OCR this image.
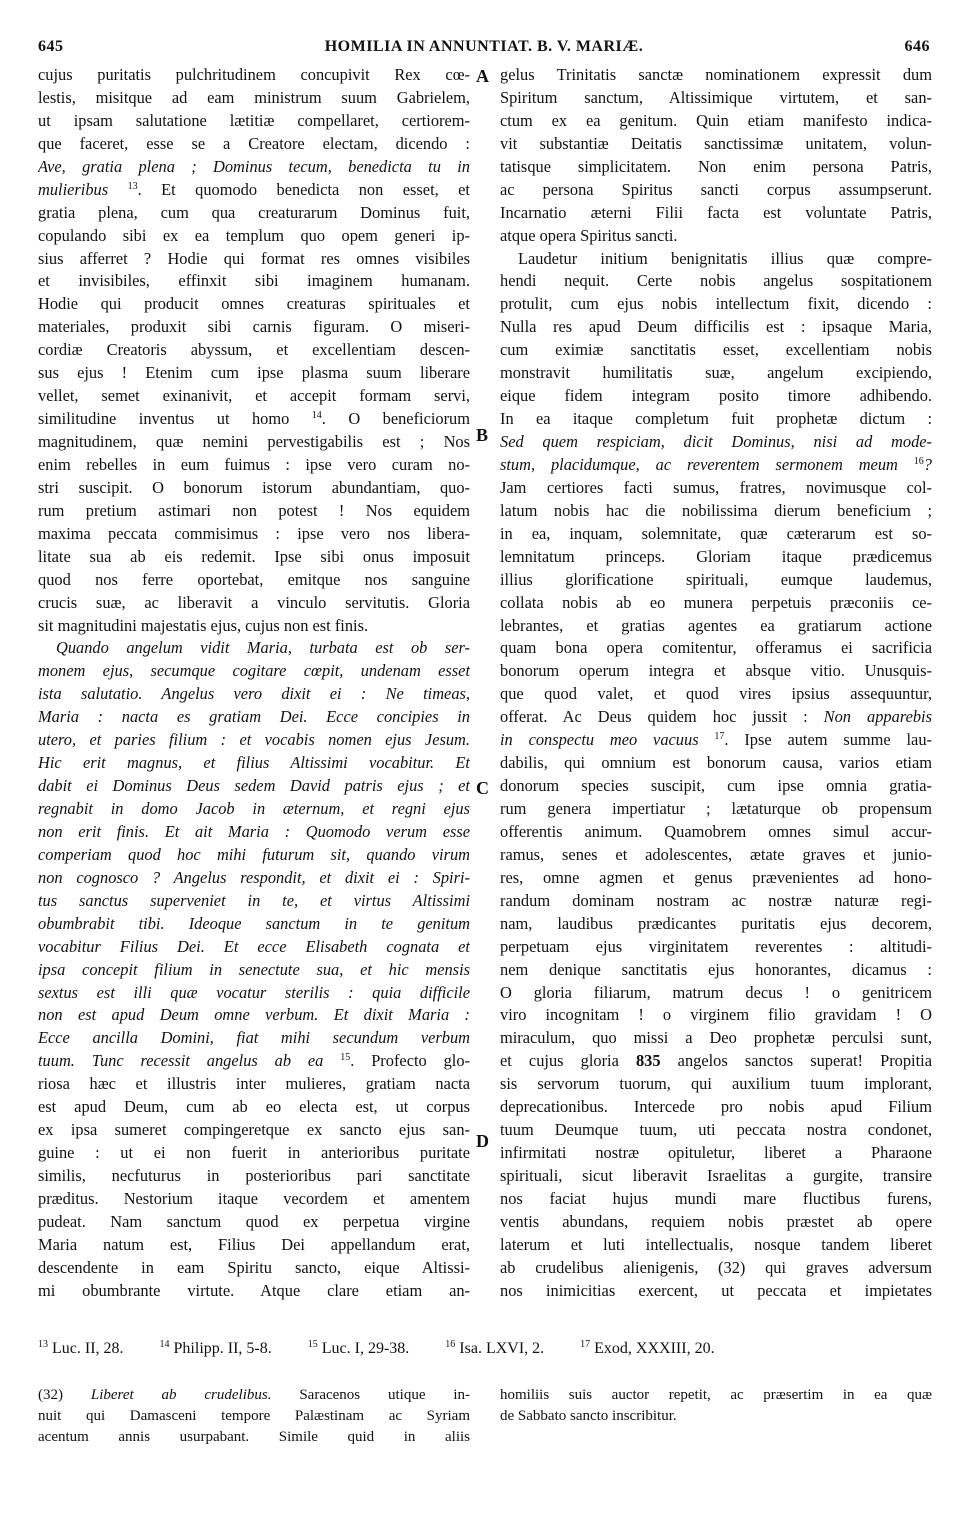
645	HOMILIA IN ANNUNTIAT. B. V. MARIÆ.	646
A
B
C
D
cujus puritatis pulchritudinem concupivit Rex cœ-
lestis, misitque ad eam ministrum suum Gabrielem,
ut ipsam salutatione lætitiæ compellaret, certiorem-
que faceret, esse se a Creatore electam, dicendo :
Ave, gratia plena ; Dominus tecum, benedicta tu in
mulieribus $^{13}$. Et quomodo benedicta non esset, et
gratia plena, cum qua creaturarum Dominus fuit,
copulando sibi ex ea templum quo opem generi ip-
sius afferret ? Hodie qui format res omnes visibiles
et invisibiles, effinxit sibi imaginem humanam.
Hodie qui producit omnes creaturas spirituales et
materiales, produxit sibi carnis figuram. O miseri-
cordiæ Creatoris abyssum, et excellentiam descen-
sus ejus ! Etenim cum ipse plasma suum liberare
vellet, semet exinanivit, et accepit formam servi,
similitudine inventus ut homo $^{14}$. O beneficiorum
magnitudinem, quæ nemini pervestigabilis est ; Nos
enim rebelles in eum fuimus : ipse vero curam no-
stri suscipit. O bonorum istorum abundantiam, quo-
rum pretium astimari non potest ! Nos equidem
maxima peccata commisimus : ipse vero nos libera-
litate sua ab eis redemit. Ipse sibi onus imposuit
quod nos ferre oportebat, emitque nos sanguine
crucis suæ, ac liberavit a vinculo servitutis. Gloria
sit magnitudini majestatis ejus, cujus non est finis.
Quando angelum vidit Maria, turbata est ob ser-
monem ejus, secumque cogitare cœpit, undenam esset
ista salutatio. Angelus vero dixit ei : Ne timeas,
Maria : nacta es gratiam Dei. Ecce concipies in
utero, et paries filium : et vocabis nomen ejus Jesum.
Hic erit magnus, et filius Altissimi vocabitur. Et
dabit ei Dominus Deus sedem David patris ejus ; et
regnabit in domo Jacob in æternum, et regni ejus
non erit finis. Et ait Maria : Quomodo verum esse
comperiam quod hoc mihi futurum sit, quando virum
non cognosco ? Angelus respondit, et dixit ei : Spiri-
tus sanctus superveniet in te, et virtus Altissimi
obumbrabit tibi. Ideoque sanctum in te genitum
vocabitur Filius Dei. Et ecce Elisabeth cognata et
ipsa concepit filium in senectute sua, et hic mensis
sextus est illi quæ vocatur sterilis : quia difficile
non est apud Deum omne verbum. Et dixit Maria :
Ecce ancilla Domini, fiat mihi secundum verbum
tuum. Tunc recessit angelus ab ea $^{15}$. Profecto glo-
riosa hæc et illustris inter mulieres, gratiam nacta
est apud Deum, cum ab eo electa est, ut corpus
ex ipsa sumeret compingeretque ex sancto ejus san-
guine : ut ei non fuerit in anterioribus puritate
similis, necfuturus in posterioribus pari sanctitate
præditus. Nestorium itaque vecordem et amentem
pudeat. Nam sanctum quod ex perpetua virgine
Maria natum est, Filius Dei appellandum erat,
descendente in eam Spiritu sancto, eique Altissi-
mi obumbrante virtute. Atque clare etiam an-
gelus Trinitatis sanctæ nominationem expressit dum
Spiritum sanctum, Altissimique virtutem, et san-
ctum ex ea genitum. Quin etiam manifesto indica-
vit substantiæ Deitatis sanctissimæ unitatem, volun-
tatisque simplicitatem. Non enim persona Patris,
ac persona Spiritus sancti corpus assumpserunt.
Incarnatio æterni Filii facta est voluntate Patris,
atque opera Spiritus sancti.
Laudetur initium benignitatis illius quæ compre-
hendi nequit. Certe nobis angelus sospitationem
protulit, cum ejus nobis intellectum fixit, dicendo :
Nulla res apud Deum difficilis est : ipsaque Maria,
cum eximiæ sanctitatis esset, excellentiam nobis
monstravit humilitatis suæ, angelum excipiendo,
eique fidem integram posito timore adhibendo.
In ea itaque completum fuit prophetæ dictum :
Sed quem respiciam, dicit Dominus, nisi ad mode-
stum, placidumque, ac reverentem sermonem meum $^{16}$?
Jam certiores facti sumus, fratres, novimusque col-
latum nobis hac die nobilissima dierum beneficium ;
in ea, inquam, solemnitate, quæ cæterarum est so-
lemnitatum princeps. Gloriam itaque prædicemus
illius glorificatione spirituali, eumque laudemus,
collata nobis ab eo munera perpetuis præconiis ce-
lebrantes, et gratias agentes ea gratiarum actione
quam bona opera comitentur, offeramus ei sacrificia
bonorum operum integra et absque vitio. Unusquis-
que quod valet, et quod vires ipsius assequuntur,
offerat. Ac Deus quidem hoc jussit : Non apparebis
in conspectu meo vacuus $^{17}$. Ipse autem summe lau-
dabilis, qui omnium est bonorum causa, varios etiam
donorum species suscipit, cum ipse omnia gratia-
rum genera impertiatur ; lætaturque ob propensum
offerentis animum. Quamobrem omnes simul accur-
ramus, senes et adolescentes, ætate graves et junio-
res, omne agmen et genus prævenientes ad hono-
randum dominam nostram ac nostræ naturæ regi-
nam, laudibus prædicantes puritatis ejus decorem,
perpetuam ejus virginitatem reverentes : altitudi-
nem denique sanctitatis ejus honorantes, dicamus :
O gloria filiarum, matrum decus ! o genitricem
viro incognitam ! o virginem filio gravidam ! O
miraculum, quo missi a Deo prophetæ perculsi sunt,
et cujus gloria 835 angelos sanctos superat! Propitia
sis servorum tuorum, qui auxilium tuum implorant,
deprecationibus. Intercede pro nobis apud Filium
tuum Deumque tuum, uti peccata nostra condonet,
infirmitati nostræ opituletur, liberet a Pharaone
spirituali, sicut liberavit Israelitas a gurgite, transire
nos faciat hujus mundi mare fluctibus furens,
ventis abundans, requiem nobis præstet ab opere
laterum et luti intellectualis, nosque tandem liberet
ab crudelibus alienigenis, (32) qui graves adversum
nos inimicitias exercent, ut peccata et impietates
$^{13}$ Luc. II, 28.	$^{14}$ Philipp. II, 5-8.	$^{15}$ Luc. I, 29-38.	$^{16}$ Isa. LXVI, 2.	$^{17}$ Exod, XXXIII, 20.
(32) Liberet ab crudelibus. Saracenos utique in-
nuit qui Damasceni tempore Palæstinam ac Syriam
acentum annis usurpabant. Simile quid in aliis
homiliis suis auctor repetit, ac præsertim in ea quæ
de Sabbato sancto inscribitur.
